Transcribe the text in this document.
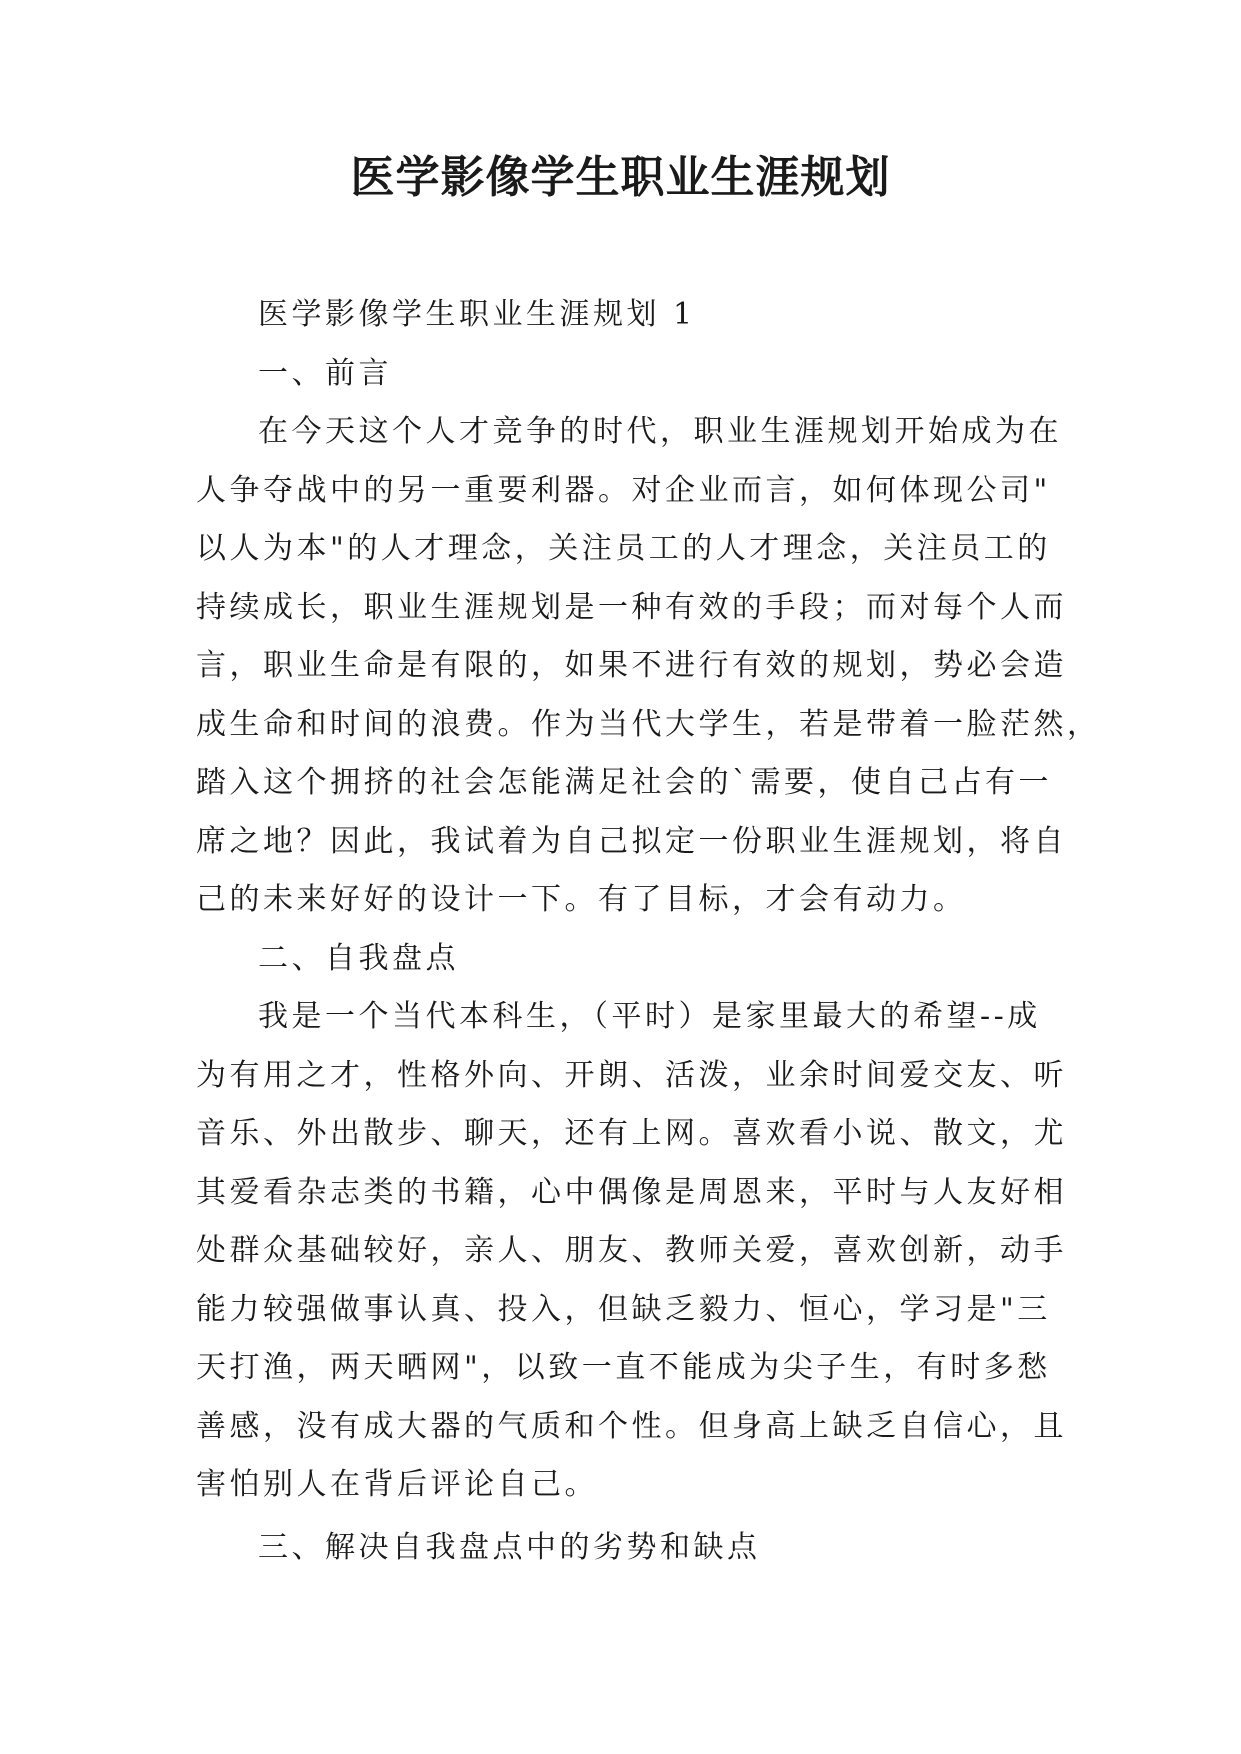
医学影像学生职业生涯规划
医学影像学生职业生涯规划 1
一、前言
在今天这个人才竞争的时代，职业生涯规划开始成为在
人争夺战中的另一重要利器。对企业而言，如何体现公司"
以人为本"的人才理念，关注员工的人才理念，关注员工的
持续成长，职业生涯规划是一种有效的手段；而对每个人而
言，职业生命是有限的，如果不进行有效的规划，势必会造
成生命和时间的浪费。作为当代大学生，若是带着一脸茫然，
踏入这个拥挤的社会怎能满足社会的`需要，使自己占有一
席之地？因此，我试着为自己拟定一份职业生涯规划，将自
己的未来好好的设计一下。有了目标，才会有动力。
二、自我盘点
我是一个当代本科生，（平时）是家里最大的希望--成
为有用之才，性格外向、开朗、活泼，业余时间爱交友、听
音乐、外出散步、聊天，还有上网。喜欢看小说、散文，尤
其爱看杂志类的书籍，心中偶像是周恩来，平时与人友好相
处群众基础较好，亲人、朋友、教师关爱，喜欢创新，动手
能力较强做事认真、投入，但缺乏毅力、恒心，学习是"三
天打渔，两天晒网"，以致一直不能成为尖子生，有时多愁
善感，没有成大器的气质和个性。但身高上缺乏自信心，且
害怕别人在背后评论自己。
三、解决自我盘点中的劣势和缺点
